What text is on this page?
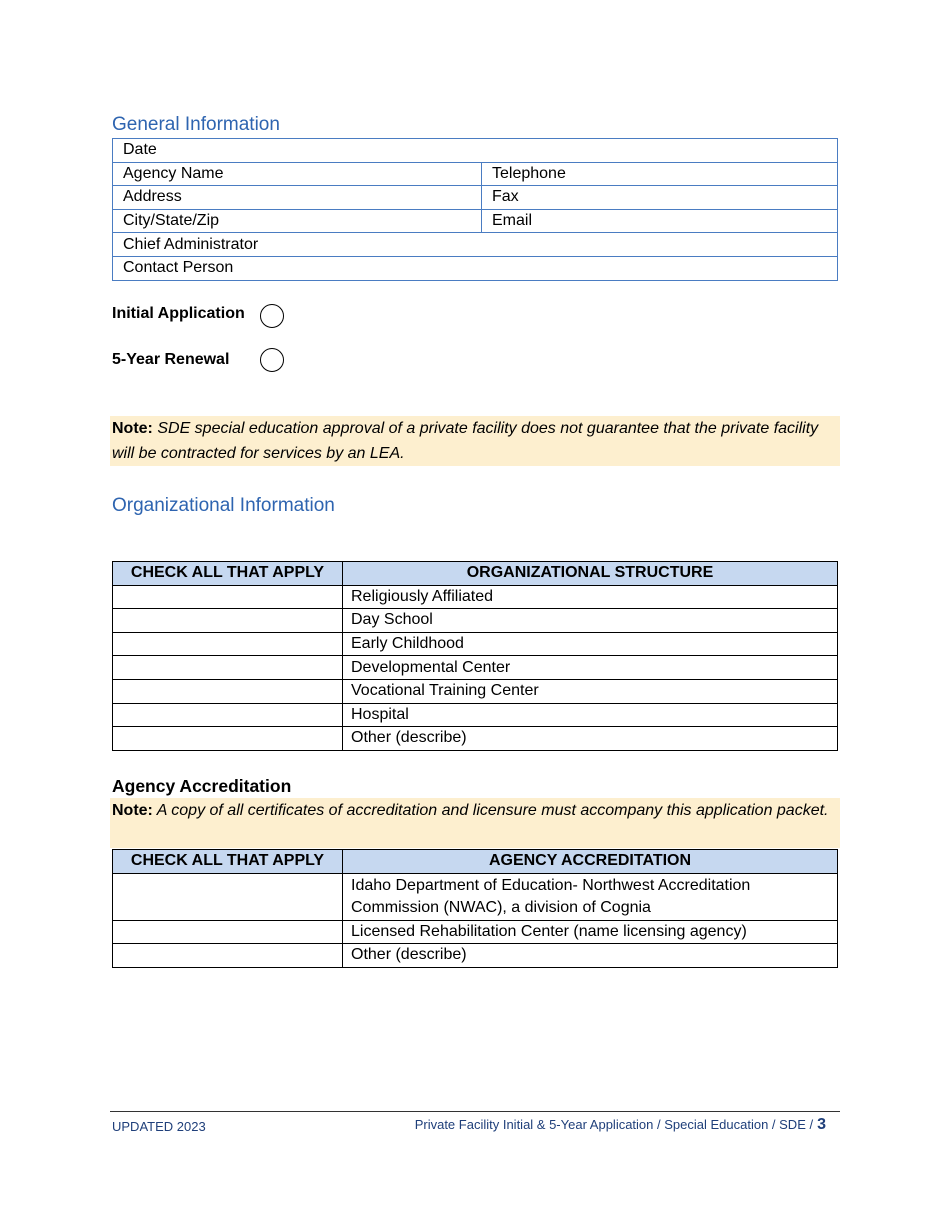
General Information
Date	
Agency Name	Telephone
Address	Fax
City/State/Zip	Email
Chief Administrator	
Contact Person	
Initial Application
5-Year Renewal
Note: SDE special education approval of a private facility does not guarantee that the private facility will be contracted for services by an LEA.
Organizational Information
CHECK ALL THAT APPLY	ORGANIZATIONAL STRUCTURE
	Religiously Affiliated
	Day School
	Early Childhood
	Developmental Center
	Vocational Training Center
	Hospital
	Other (describe)
Agency Accreditation
Note: A copy of all certificates of accreditation and licensure must accompany this application packet.
CHECK ALL THAT APPLY	AGENCY ACCREDITATION
	Idaho Department of Education- Northwest Accreditation Commission (NWAC), a division of Cognia
	Licensed Rehabilitation Center (name licensing agency)
	Other (describe)
UPDATED 2023	Private Facility Initial & 5-Year Application / Special Education / SDE / 3
